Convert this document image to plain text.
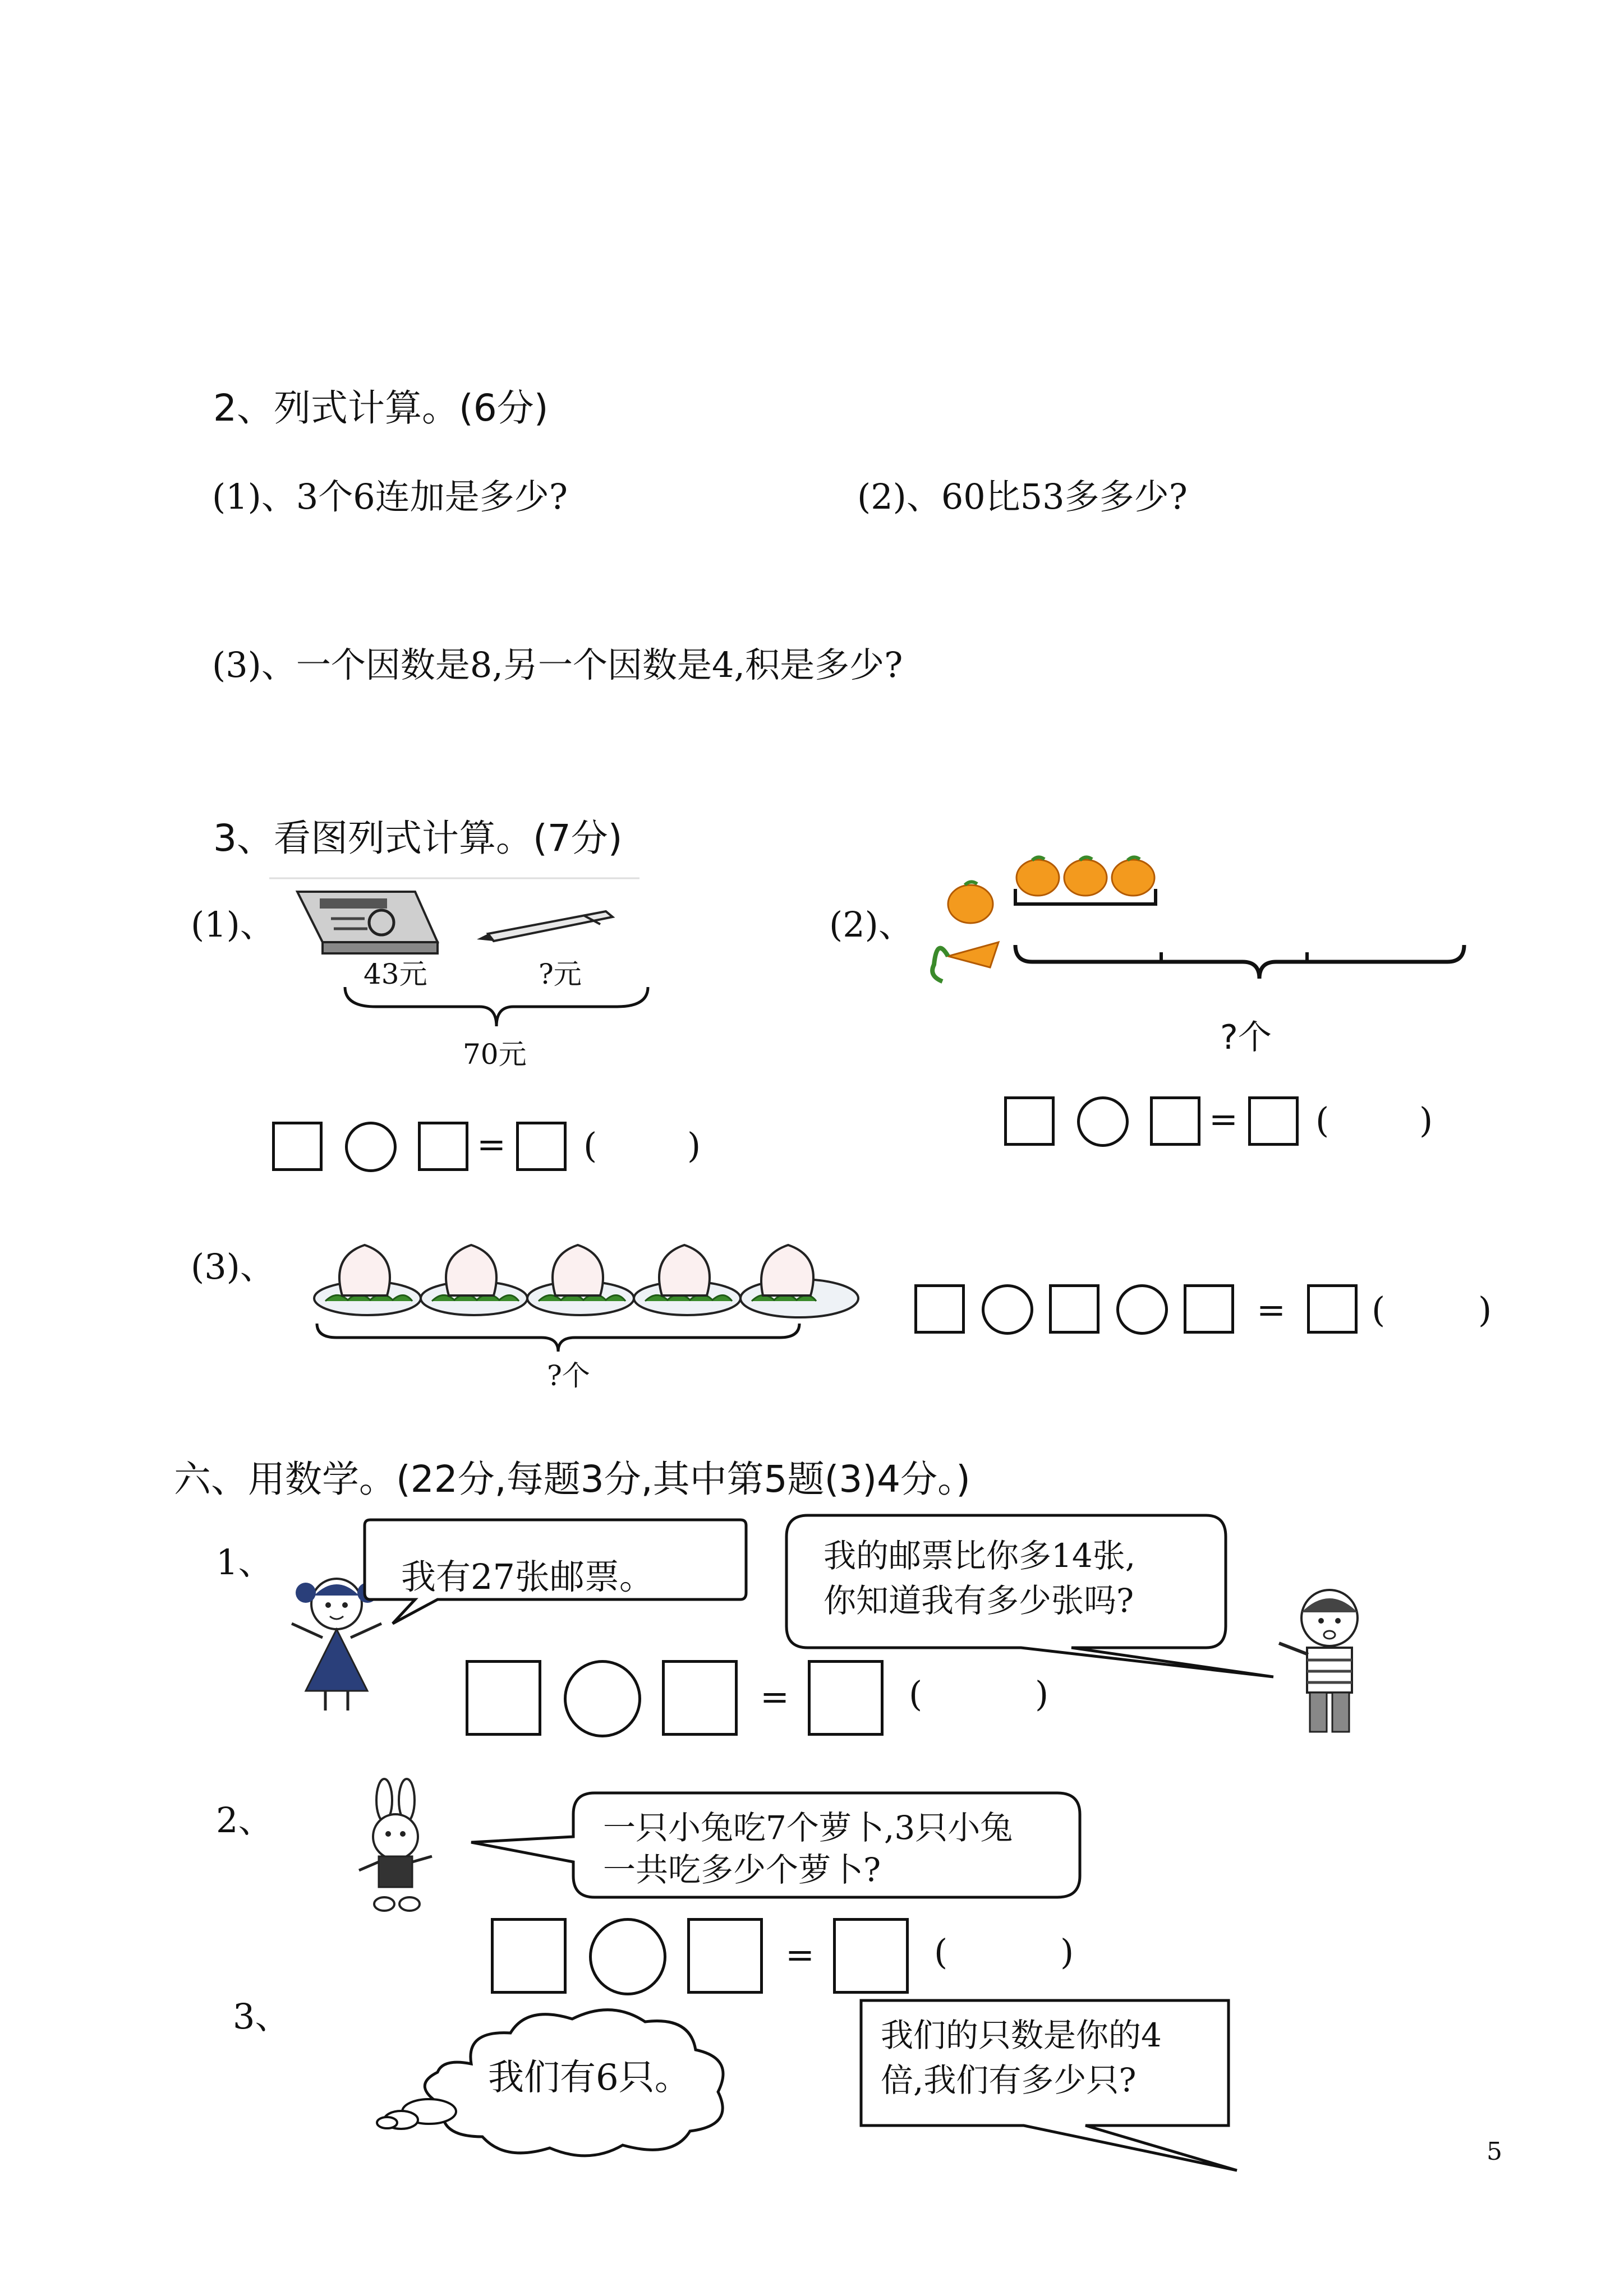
2、列式计算。(6分)
(1)、3个6连加是多少?	(2)、60比53多多少?
(3)、一个因数是8,另一个因数是4,积是多少?
3、看图列式计算。(7分)
(1)、
43元	?元
70元
= (	)
(2)、
?个
= (	)
(3)、
?个
= (	)
六、用数学。(22分,每题3分,其中第5题(3)4分。)
1、	我有27张邮票。
我的邮票比你多14张,
你知道我有多少张吗?
=	(	)
2、	一只小兔吃7个萝卜,3只小兔
一共吃多少个萝卜?
=	(	)
3、
我们有6只。
我们的只数是你的4
倍,我们有多少只?
5
